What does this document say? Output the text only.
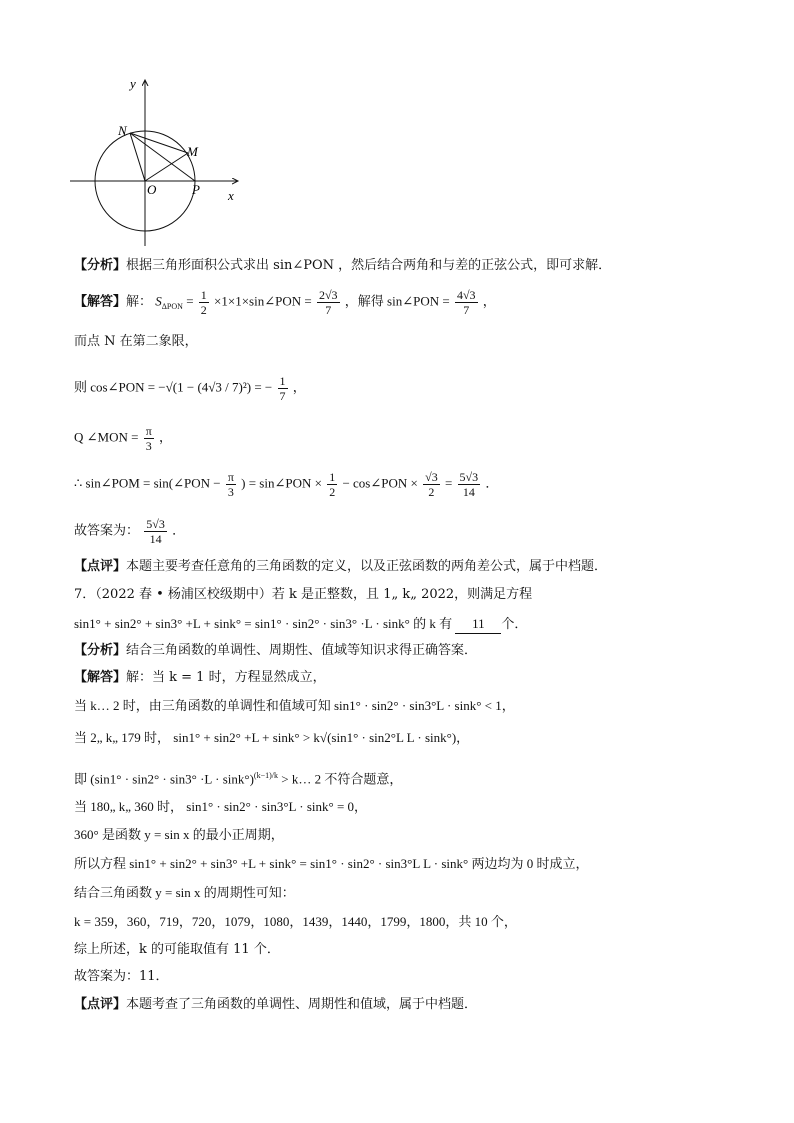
y
x
N
M
O	P
【分析】根据三角形面积公式求出 sin∠PON ，然后结合两角和与差的正弦公式，即可求解．
【解答】解： $S_{\Delta PON} = \frac{1}{2}$ ×1×1×sin∠PON = $\frac{2√3}{7}$ ，解得 sin∠PON = $\frac{4√3}{7}$ ，
而点 N 在第二象限，
则 cos∠PON = −√(1 − (4√3 / 7)²) = − $\frac{1}{7}$ ，
Q ∠MON = $\frac{\pi}{3}$ ，
∴ sin∠POM = sin(∠PON − $\frac{\pi}{3}$ ) = sin∠PON × $\frac{1}{2}$ − cos∠PON × $\frac{√3}{2} = \frac{5√3}{14}$ ．
故答案为： $\frac{5√3}{14}$ ．
【点评】本题主要考查任意角的三角函数的定义，以及正弦函数的两角差公式，属于中档题．
7．（2022 春 • 杨浦区校级期中）若 k 是正整数，且 1„ k„ 2022，则满足方程
sin1° + sin2° + sin3° +L + sink° = sin1° · sin2° · sin3° ·L · sink° 的 k 有 11 个．
【分析】结合三角函数的单调性、周期性、值域等知识求得正确答案．
【解答】解：当 k = 1 时，方程显然成立，
当 k… 2 时，由三角函数的单调性和值域可知 sin1° · sin2° · sin3°L · sink° < 1，
当 2„ k„ 179 时， sin1° + sin2° +L + sink° > k√(sin1° · sin2°L L · sink°)，
即 $(\sin 1^\circ \cdot \sin 2^\circ \cdot \sin 3^\circ \cdot L \cdot \sin k^\circ)^{(k-1)/k}$ > k… 2 不符合题意，
当 180„ k„ 360 时， sin1° · sin2° · sin3°L · sink° = 0，
360° 是函数 y = sin x 的最小正周期，
所以方程 sin1° + sin2° + sin3° +L + sink° = sin1° · sin2° · sin3°L L · sink° 两边均为 0 时成立，
结合三角函数 y = sin x 的周期性可知：
k = 359，360，719，720，1079，1080，1439，1440，1799，1800，共 10 个，
综上所述，k 的可能取值有 11 个．
故答案为：11．
【点评】本题考查了三角函数的单调性、周期性和值域，属于中档题．
